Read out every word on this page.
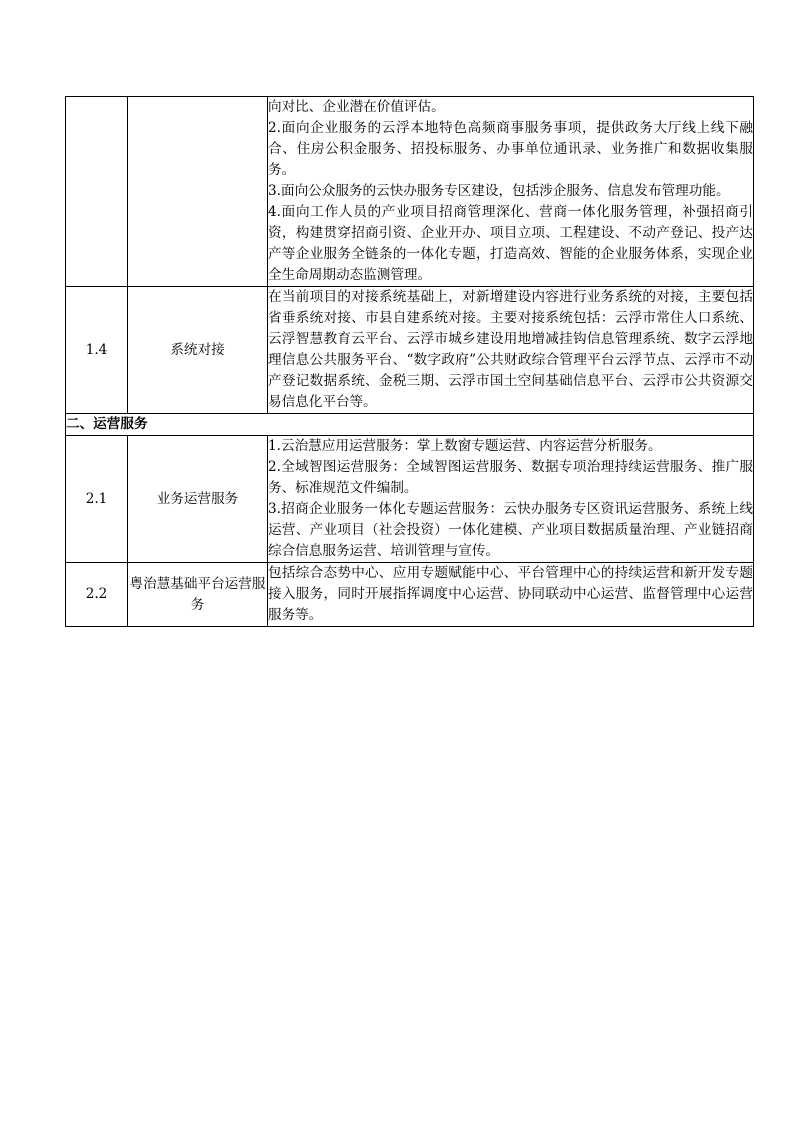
		向对比、企业潜在价值评估。

2.面向企业服务的云浮本地特色高频商事服务事项，提供政务大厅线上线下融合、住房公积金服务、招投标服务、办事单位通讯录、业务推广和数据收集服务。

3.面向公众服务的云快办服务专区建设，包括涉企服务、信息发布管理功能。

4.面向工作人员的产业项目招商管理深化、营商一体化服务管理，补强招商引资，构建贯穿招商引资、企业开办、项目立项、工程建设、不动产登记、投产达产等企业服务全链条的一体化专题，打造高效、智能的企业服务体系，实现企业全生命周期动态监测管理。

1.4	系统对接	在当前项目的对接系统基础上，对新增建设内容进行业务系统的对接，主要包括省垂系统对接、市县自建系统对接。主要对接系统包括：云浮市常住人口系统、云浮智慧教育云平台、云浮市城乡建设用地增减挂钩信息管理系统、数字云浮地理信息公共服务平台、“数字政府”公共财政综合管理平台云浮节点、云浮市不动产登记数据系统、金税三期、云浮市国土空间基础信息平台、云浮市公共资源交易信息化平台等。

二、运营服务		
2.1	业务运营服务	1.云治慧应用运营服务：掌上数窗专题运营、内容运营分析服务。

2.全域智图运营服务：全域智图运营服务、数据专项治理持续运营服务、推广服务、标准规范文件编制。

3.招商企业服务一体化专题运营服务：云快办服务专区资讯运营服务、系统上线运营、产业项目（社会投资）一体化建模、产业项目数据质量治理、产业链招商综合信息服务运营、培训管理与宣传。

2.2	粤治慧基础平台运营服务	包括综合态势中心、应用专题赋能中心、平台管理中心的持续运营和新开发专题接入服务，同时开展指挥调度中心运营、协同联动中心运营、监督管理中心运营服务等。
